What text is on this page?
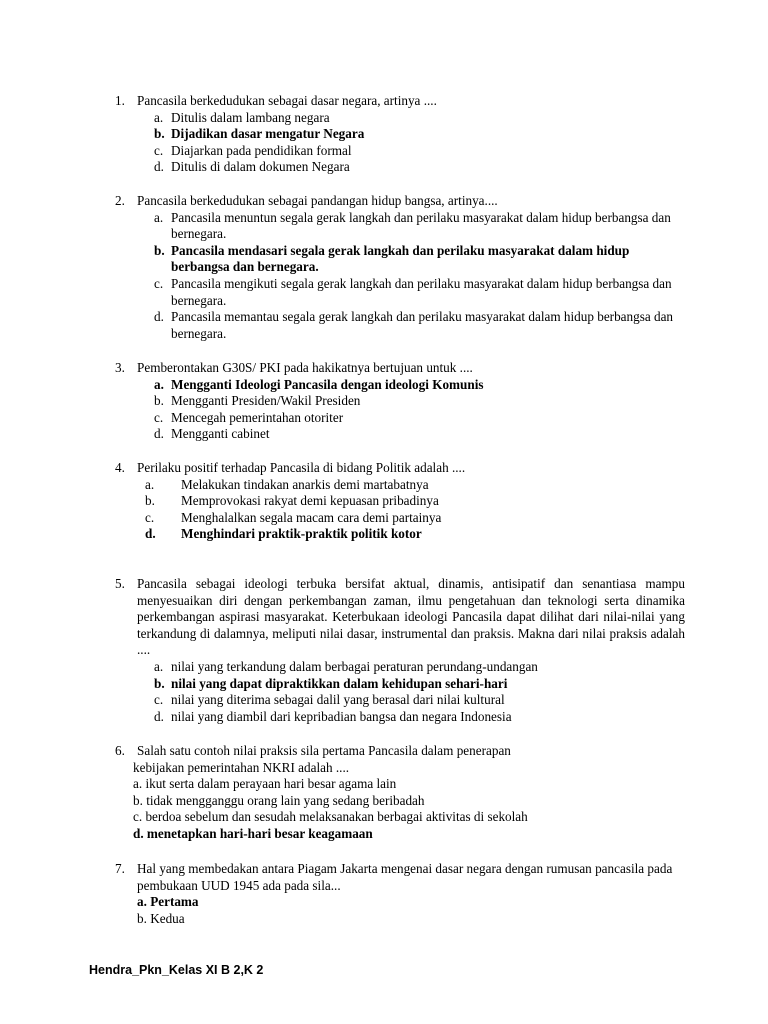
1. Pancasila berkedudukan sebagai dasar negara, artinya ....
a. Ditulis dalam lambang negara
b. Dijadikan dasar mengatur Negara
c. Diajarkan pada pendidikan formal
d. Ditulis di dalam dokumen Negara
2. Pancasila berkedudukan sebagai pandangan hidup bangsa, artinya....
a. Pancasila menuntun segala gerak langkah dan perilaku masyarakat dalam hidup berbangsa dan bernegara.
b. Pancasila mendasari segala gerak langkah dan perilaku masyarakat dalam hidup berbangsa dan bernegara.
c. Pancasila mengikuti segala gerak langkah dan perilaku masyarakat dalam hidup berbangsa dan bernegara.
d. Pancasila memantau segala gerak langkah dan perilaku masyarakat dalam hidup berbangsa dan bernegara.
3. Pemberontakan G30S/ PKI pada hakikatnya bertujuan untuk ....
a. Mengganti Ideologi Pancasila dengan ideologi Komunis
b. Mengganti Presiden/Wakil Presiden
c. Mencegah pemerintahan otoriter
d. Mengganti cabinet
4. Perilaku positif terhadap Pancasila di bidang Politik adalah ....
a. Melakukan tindakan anarkis demi martabatnya
b. Memprovokasi rakyat demi kepuasan pribadinya
c. Menghalalkan segala macam cara demi partainya
d. Menghindari praktik-praktik politik kotor
5. Pancasila sebagai ideologi terbuka bersifat aktual, dinamis, antisipatif dan senantiasa mampu menyesuaikan diri dengan perkembangan zaman, ilmu pengetahuan dan teknologi serta dinamika perkembangan aspirasi masyarakat. Keterbukaan ideologi Pancasila dapat dilihat dari nilai-nilai yang terkandung di dalamnya, meliputi nilai dasar, instrumental dan praksis. Makna dari nilai praksis adalah ....
a. nilai yang terkandung dalam berbagai peraturan perundang-undangan
b. nilai yang dapat dipraktikkan dalam kehidupan sehari-hari
c. nilai yang diterima sebagai dalil yang berasal dari nilai kultural
d. nilai yang diambil dari kepribadian bangsa dan negara Indonesia
6. Salah satu contoh nilai praksis sila pertama Pancasila dalam penerapan
kebijakan pemerintahan NKRI adalah ....
a. ikut serta dalam perayaan hari besar agama lain
b. tidak mengganggu orang lain yang sedang beribadah
c. berdoa sebelum dan sesudah melaksanakan berbagai aktivitas di sekolah
d. menetapkan hari-hari besar keagamaan
7. Hal yang membedakan antara Piagam Jakarta mengenai dasar negara dengan rumusan pancasila pada pembukaan UUD 1945 ada pada sila...
a. Pertama
b. Kedua
Hendra_Pkn_Kelas XI B 2,K 2
